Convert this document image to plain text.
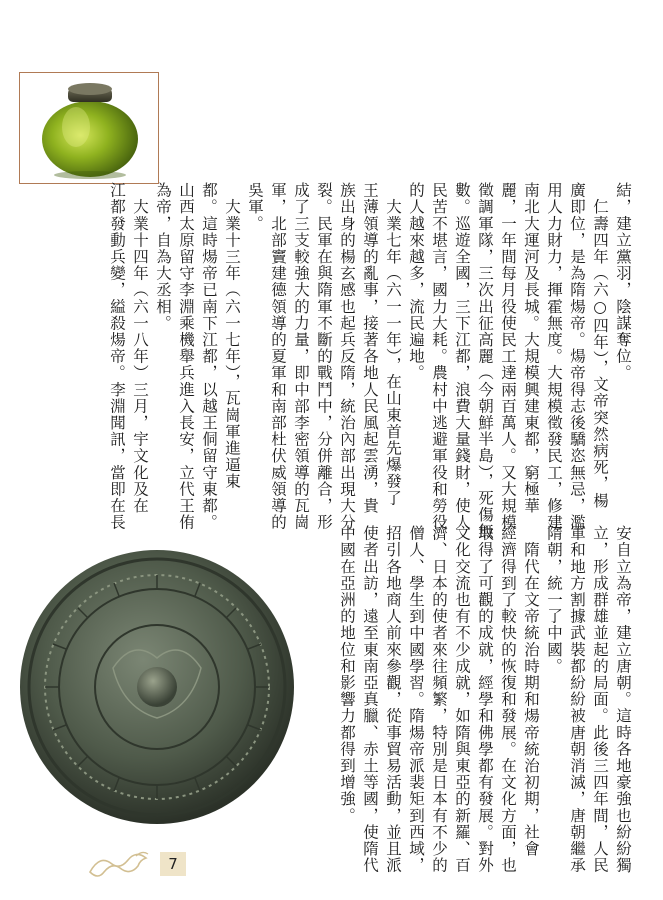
結，建立黨羽，陰謀奪位。
　仁壽四年（六○四年），文帝突然病死，楊
廣即位，是為隋煬帝。煬帝得志後驕恣無忌，濫
用人力財力，揮霍無度。大規模徵發民工，修建
南北大運河及長城。大規模興建東都，窮極華
麗，一年間每月役使民工達兩百萬人。又大規模
徵調軍隊，三次出征高麗（今朝鮮半島），死傷無
數。巡遊全國，三下江都，浪費大量錢財，使人
民苦不堪言，國力大耗。農村中逃避軍役和勞役
的人越來越多，流民遍地。
　大業七年（六一一年），在山東首先爆發了
王薄領導的亂事，接著各地人民風起雲湧，貴
族出身的楊玄感也起兵反隋，統治內部出現大分
裂。民軍在與隋軍不斷的戰鬥中，分併離合，形
成了三支較強大的力量，即中部李密領導的瓦崗
軍，北部竇建德領導的夏軍和南部杜伏威領導的
吳軍。
　大業十三年（六一七年），瓦崗軍進逼東
都。這時煬帝已南下江都，以越王侗留守東都。
山西太原留守李淵乘機舉兵進入長安，立代王侑
為帝，自為大丞相。
　大業十四年（六一八年）三月，宇文化及在
江都發動兵變，縊殺煬帝。李淵聞訊，當即在長
安自立為帝，建立唐朝。這時各地豪強也紛紛獨
立，形成群雄並起的局面。此後三四年間，人民
軍和地方割據武裝都紛紛被唐朝消滅，唐朝繼承
隋朝，統一了中國。
　隋代在文帝統治時期和煬帝統治初期，社會
經濟得到了較快的恢復和發展。在文化方面，也
取得了可觀的成就，經學和佛學都有發展。對外
文化交流也有不少成就，如隋與東亞的新羅、百
濟、日本的使者來往頻繁，特別是日本有不少的
僧人、學生到中國學習。隋煬帝派裴矩到西域，
招引各地商人前來參觀，從事貿易活動，並且派
使者出訪，遠至東南亞真臘、赤土等國，使隋代
中國在亞洲的地位和影響力都得到增強。
7
